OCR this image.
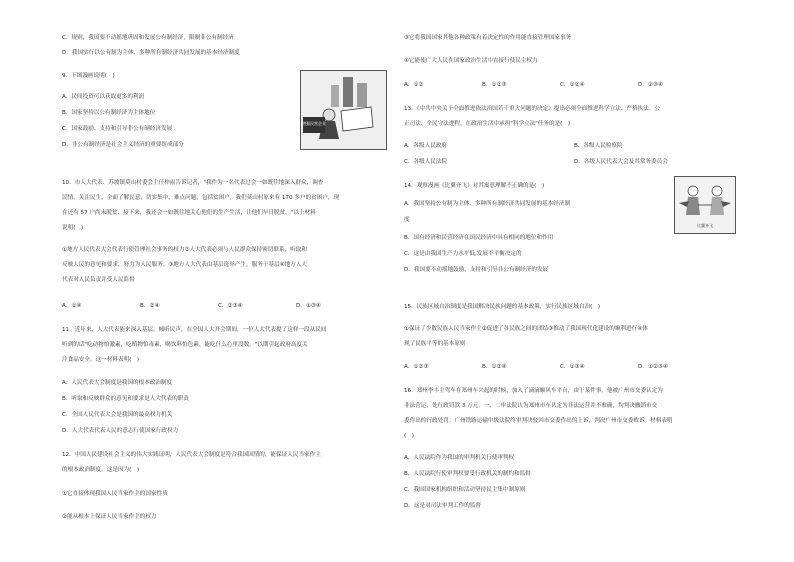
C．规则，我国要不动摇地巩固和发展公有制经济，限制非公有制经济
D．我国实行以公有制为主体、多种所有制经济共同发展的基本经济制度
9．下图漫画说明(　)
A．民间投资可以获取更多的利润
B．国家坚持以公有制经济为主体地位
C．国家鼓励、支持和引导非公有制经济发展
D．非公有制经济是社会主义经济的重要组成部分
增强民营企业
10．市人大代表、苏坡镇莫山村委会主任梓雨告诉记者，"我作为一名代表过会一如既往地深入群众，调查
民情，关注民生，全面了解民意，切实集中、难点问题，包括贫困户，我们莫山村原来有 170 多户的贫困户，现
在还有 57 户尚未脱贫，接下来，我还会一如既往地关心他们的生产生活，让他们早日脱贫。"以上材料
说明(　)
①地方人民代表大会代表行使管理社会事务的权力②人大代表必须与人民群众保持密切联系，听取和
反映人民的意见和要求，努力为人民服务。③地方人大代表由基层选举产生，服务于基层④地方人大
代表对人民负责并受人民监督
A．①④	B．②④	C．②③④	D．①③④
11．近年来，人大代表能来深入基层，倾听民声。在全国人大开会期间，一位人大代表提了这样一段从民间
听到的话"吃动物怕激素，吃植物怕毒素，喝饮料怕色素，能吃什么心里没数。"以期引起政府高度关
注食品安全。这一材料表明(　)
A．人民代表大会制度是我国的根本政治制度
B．听取和反映群众的意见和要求是人大代表的职责
C．全国人民代表大会是我国的最高权力机关
D．人大代表代表人民的意志行使国家行政权力
12．中国人民建设社会主义的伟大实践证明，人民代表大会制度是符合我国国情的，能保证人民当家作主
的根本政治制度。这是因为(　)
①它直接体现我国人民当家作主的国家性质
②能从根本上保证人民当家作主的权力
③它将我国国家其他各种政策有着决定性的作用能直接管理国家事务
④它能使广大人民在国家政治生活中直接行使民主权力
A．①②	B．①②③	C．①②④	D．②③④
13．《中共中央关于全面推进依法治国若干重大问题的决定》提出必须全面推进科学立法、严格执法、公
正司法、全民守法进程。在政治生活中承担"科学立法"任务的是(　)
A．各级人民政府	B．各级人民检察院
C．各级人民法院	D．各级人民代表大会及其常务委员会
14．观察漫画《比翼齐飞》对其寓意理解不正确的是(　)
A．我国坚持公有制为主体、多种所有制经济共同发展的基本经济制
度
B．国有经济和民营经济在国民经济中具有相同的地位和作用
C．这是由我国生产力水平低,发展不平衡决定的
D．我国要不动摇地鼓励、支持和引导非公有制经济的发展
比翼齐飞
15．民族区域自治制度是我国解决民族问题的基本政策，实行民族区域自治(　)
①保证了少数民族人民当家作主②促进了各民族之间的团结③推动了我国现代化建设的顺利进行④体
现了民族平等的基本原则
A．①②③	B．①②④	C．①③④	D．①②③④
16．郑州李丰主驾车在郑州车兴起的时候，加入了滴滴顺风车平台，由于某件事，他被广州市交委认定为
非法营运，处行政罚款 3 万元。一、二审法院认为郑州市车认定为非法运营并不准确，均判决撤销市交
委作出的行政处罚。广州铁路运输中级法院终审判决驳回市交委作出的上诉，判决广州市交委败诉。材料表明
(　)
A．人民法院作为我国的审判机关行使审判权
B．人民法院行使审判权要受行政机关的制约和监督
C．我国国家机构组织和活动坚持民主集中制原则
D．这是对司法审判工作的监督
